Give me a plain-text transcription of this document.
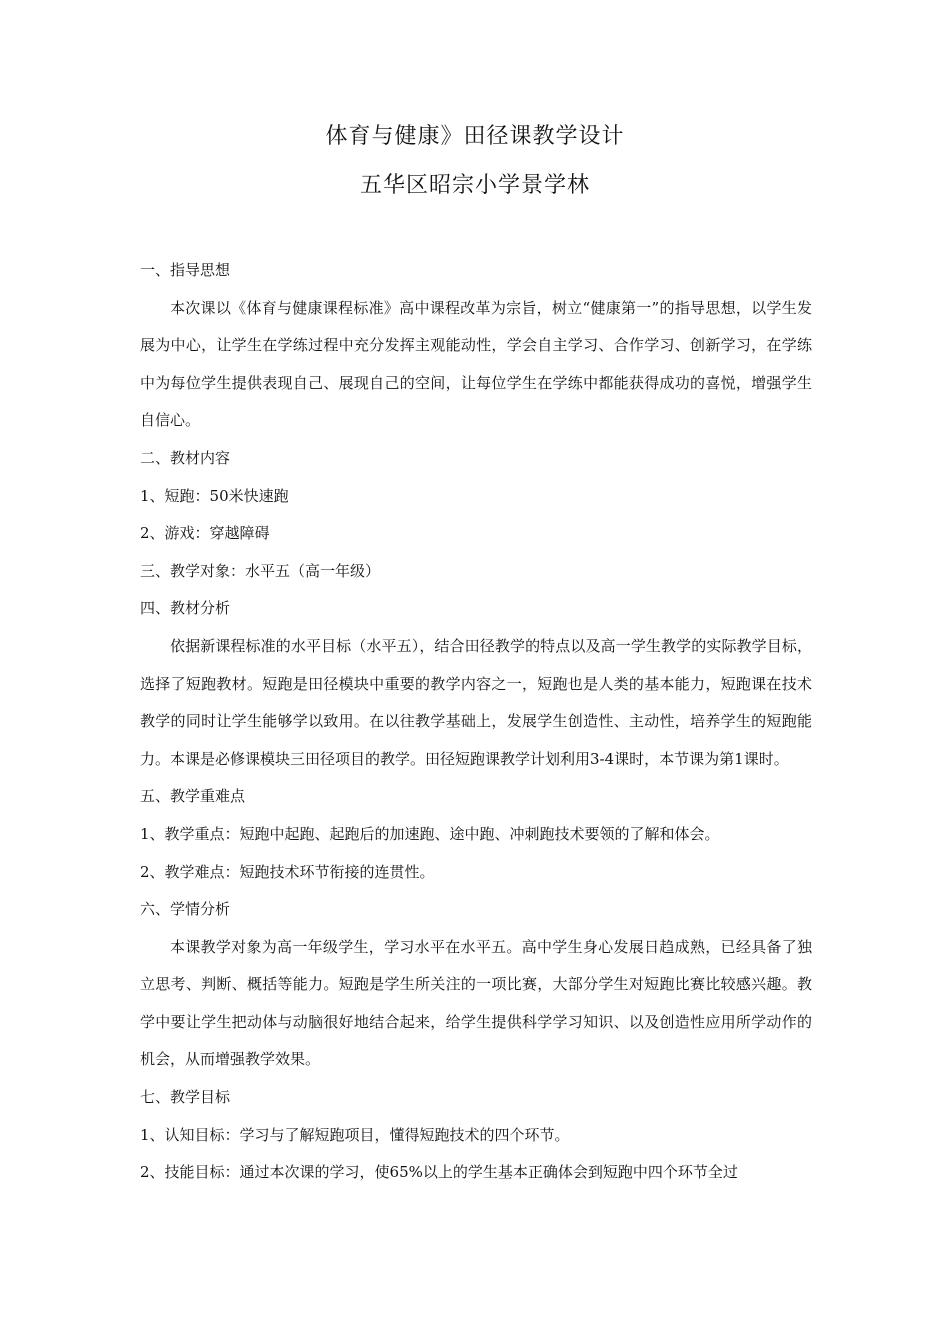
体育与健康》田径课教学设计
五华区昭宗小学景学林
一、指导思想
本次课以《体育与健康课程标准》高中课程改革为宗旨，树立“健康第一”的指导思想，以学生发展为中心，让学生在学练过程中充分发挥主观能动性，学会自主学习、合作学习、创新学习，在学练中为每位学生提供表现自己、展现自己的空间，让每位学生在学练中都能获得成功的喜悦，增强学生自信心。
二、教材内容
1、短跑：50米快速跑
2、游戏：穿越障碍
三、教学对象：水平五（高一年级）
四、教材分析
依据新课程标准的水平目标（水平五），结合田径教学的特点以及高一学生教学的实际教学目标，选择了短跑教材。短跑是田径模块中重要的教学内容之一，短跑也是人类的基本能力，短跑课在技术教学的同时让学生能够学以致用。在以往教学基础上，发展学生创造性、主动性，培养学生的短跑能力。本课是必修课模块三田径项目的教学。田径短跑课教学计划利用3-4课时，本节课为第1课时。
五、教学重难点
1、教学重点：短跑中起跑、起跑后的加速跑、途中跑、冲刺跑技术要领的了解和体会。
2、教学难点：短跑技术环节衔接的连贯性。
六、学情分析
本课教学对象为高一年级学生，学习水平在水平五。高中学生身心发展日趋成熟，已经具备了独立思考、判断、概括等能力。短跑是学生所关注的一项比赛，大部分学生对短跑比赛比较感兴趣。教学中要让学生把动体与动脑很好地结合起来，给学生提供科学学习知识、以及创造性应用所学动作的机会，从而增强教学效果。
七、教学目标
1、认知目标：学习与了解短跑项目，懂得短跑技术的四个环节。
2、技能目标：通过本次课的学习，使65%以上的学生基本正确体会到短跑中四个环节全过
